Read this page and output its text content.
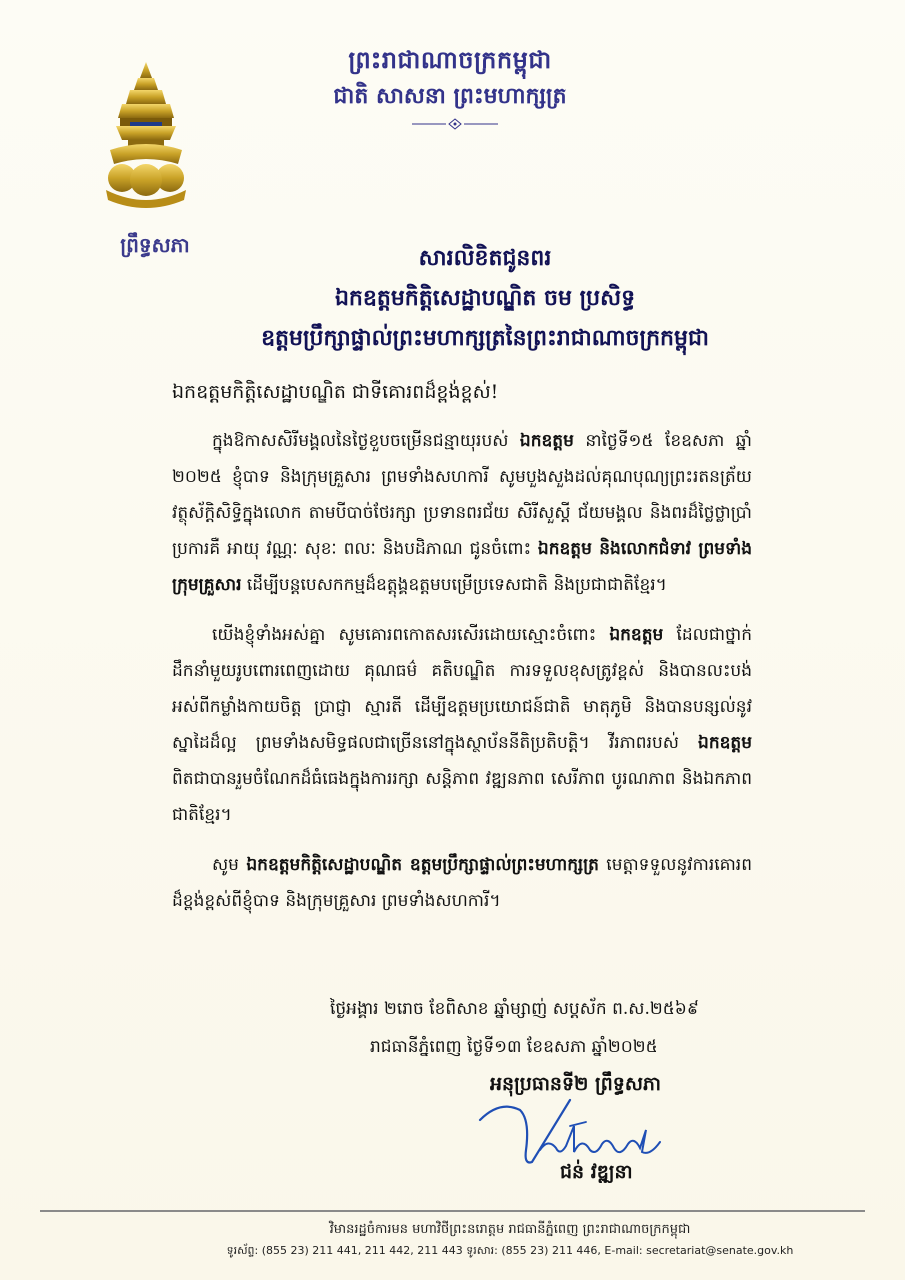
ព្រឹទ្ធសភា
ព្រះរាជាណាចក្រកម្ពុជា
ជាតិ សាសនា ព្រះមហាក្សត្រ
សារលិខិតជូនពរ
ឯកឧត្តមកិត្តិសេដ្ឋាបណ្ឌិត ចម ប្រសិទ្ធ
ឧត្តមប្រឹក្សាផ្ទាល់ព្រះមហាក្សត្រនៃព្រះរាជាណាចក្រកម្ពុជា
ឯកឧត្តមកិត្តិសេដ្ឋាបណ្ឌិត ជាទីគោរពដ៏ខ្ពង់ខ្ពស់!

ក្នុងឱកាសសិរីមង្គលនៃថ្ងៃខួបចម្រើនជន្មាយុរបស់ ឯកឧត្តម នាថ្ងៃទី១៥ ខែឧសភា ឆ្នាំ ២០២៥ ខ្ញុំបាទ និងក្រុមគ្រួសារ ព្រមទាំងសហការី សូមបួងសួងដល់គុណបុណ្យព្រះរតនត្រ័យ វត្ថុស័ក្តិសិទ្ធិក្នុងលោក តាមបីបាច់ថែរក្សា ប្រទានពរជ័យ សិរីសួស្តី ជ័យមង្គល និងពរដ៏ថ្លៃថ្លាប្រាំប្រការគឺ អាយុ វណ្ណៈ សុខៈ ពលៈ និងបដិភាណ ជូនចំពោះ ឯកឧត្តម និងលោកជំទាវ ព្រមទាំងក្រុមគ្រួសារ ដើម្បីបន្តបេសកកម្មដ៏ឧត្តុង្គឧត្តមបម្រើប្រទេសជាតិ និងប្រជាជាតិខ្មែរ។

យើងខ្ញុំទាំងអស់គ្នា សូមគោរពកោតសរសើរដោយស្មោះចំពោះ ឯកឧត្តម ដែលជាថ្នាក់ដឹកនាំមួយរូបពោរពេញដោយ គុណធម៌ គតិបណ្ឌិត ការទទួលខុសត្រូវខ្ពស់ និងបានលះបង់អស់ពីកម្លាំងកាយចិត្ត ប្រាជ្ញា ស្មារតី ដើម្បីឧត្តមប្រយោជន៍ជាតិ មាតុភូមិ និងបានបន្សល់នូវស្នាដៃដ៏ល្អ ព្រមទាំងសមិទ្ធផលជាច្រើននៅក្នុងស្ថាប័ននីតិប្រតិបត្តិ។ វីរភាពរបស់ ឯកឧត្តម ពិតជាបានរួមចំណែកដ៏ធំធេងក្នុងការរក្សា សន្តិភាព វឌ្ឍនភាព សេរីភាព បូរណភាព និងឯកភាពជាតិខ្មែរ។

សូម ឯកឧត្តមកិត្តិសេដ្ឋាបណ្ឌិត ឧត្តមប្រឹក្សាផ្ទាល់ព្រះមហាក្សត្រ មេត្តាទទួលនូវការគោរពដ៏ខ្ពង់ខ្ពស់ពីខ្ញុំបាទ និងក្រុមគ្រួសារ ព្រមទាំងសហការី។

ថ្ងៃអង្គារ ២រោច ខែពិសាខ ឆ្នាំម្សាញ់ សប្តស័ក ព.ស.២៥៦៩
រាជធានីភ្នំពេញ ថ្ងៃទី១៣ ខែឧសភា ឆ្នាំ២០២៥
អនុប្រធានទី២ ព្រឹទ្ធសភា
ជន់ វឌ្ឍនា
វិមានរដ្ឋចំការមន មហាវិថីព្រះនរោត្តម រាជធានីភ្នំពេញ ព្រះរាជាណាចក្រកម្ពុជា
ទូរស័ព្ទ: (855 23) 211 441, 211 442, 211 443 ទូរសារ: (855 23) 211 446, E-mail: secretariat@senate.gov.kh
